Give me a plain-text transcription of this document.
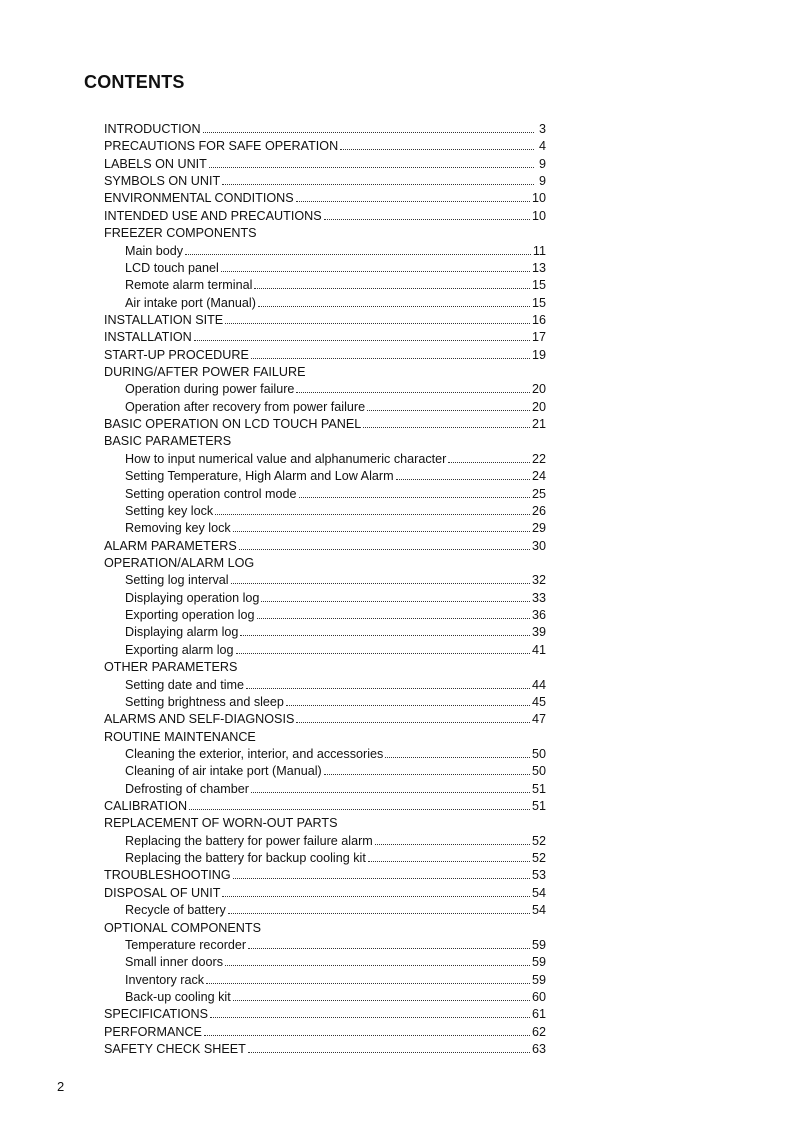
CONTENTS
INTRODUCTION	3
PRECAUTIONS FOR SAFE OPERATION	4
LABELS ON UNIT	9
SYMBOLS ON UNIT	9
ENVIRONMENTAL CONDITIONS	10
INTENDED USE AND PRECAUTIONS	10
FREEZER COMPONENTS
Main body	11
LCD touch panel	13
Remote alarm terminal	15
Air intake port (Manual)	15
INSTALLATION SITE	16
INSTALLATION	17
START-UP PROCEDURE	19
DURING/AFTER POWER FAILURE
Operation during power failure	20
Operation after recovery from power failure	20
BASIC OPERATION ON LCD TOUCH PANEL	21
BASIC PARAMETERS
How to input numerical value and alphanumeric character	22
Setting Temperature, High Alarm and Low Alarm	24
Setting operation control mode	25
Setting key lock	26
Removing key lock	29
ALARM PARAMETERS	30
OPERATION/ALARM LOG
Setting log interval	32
Displaying operation log	33
Exporting operation log	36
Displaying alarm log	39
Exporting alarm log	41
OTHER PARAMETERS
Setting date and time	44
Setting brightness and sleep	45
ALARMS AND SELF-DIAGNOSIS	47
ROUTINE MAINTENANCE
Cleaning the exterior, interior, and accessories	50
Cleaning of air intake port (Manual)	50
Defrosting of chamber	51
CALIBRATION	51
REPLACEMENT OF WORN-OUT PARTS
Replacing the battery for power failure alarm	52
Replacing the battery for backup cooling kit	52
TROUBLESHOOTING	53
DISPOSAL OF UNIT	54
Recycle of battery	54
OPTIONAL COMPONENTS
Temperature recorder	59
Small inner doors	59
Inventory rack	59
Back-up cooling kit	60
SPECIFICATIONS	61
PERFORMANCE	62
SAFETY CHECK SHEET	63
2
